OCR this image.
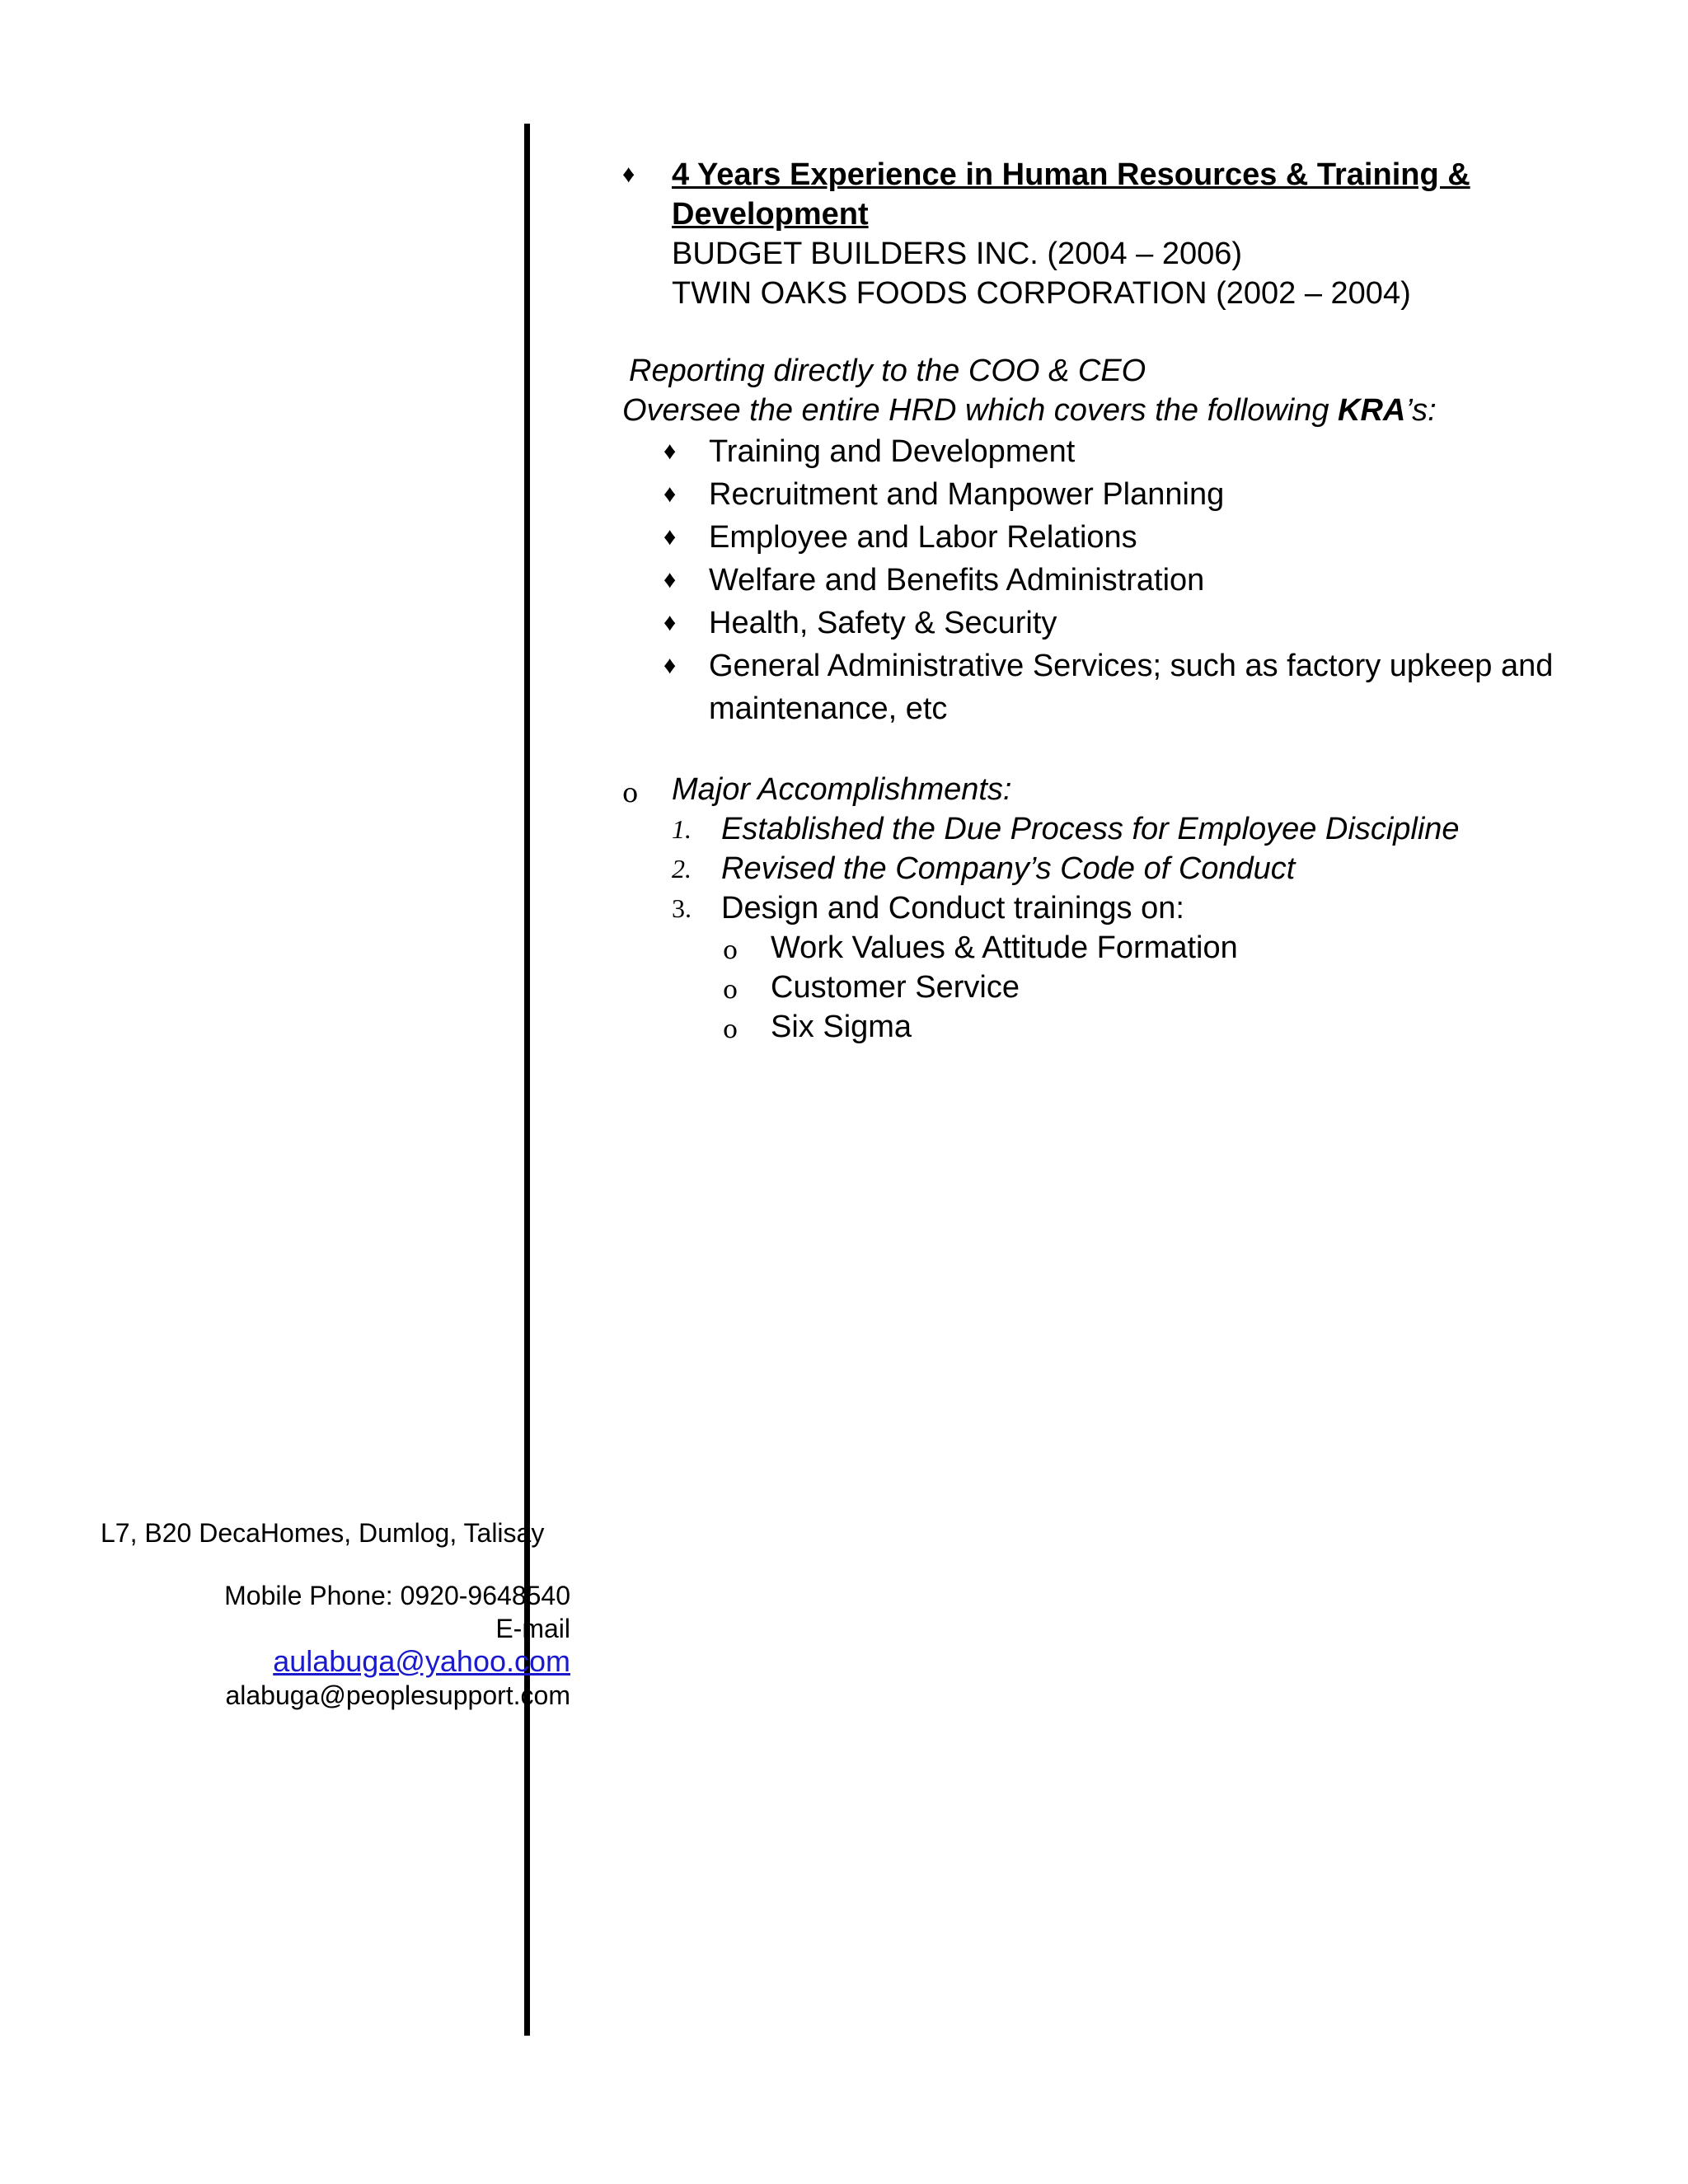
♦	4 Years Experience in Human Resources & Training & Development
BUDGET BUILDERS INC. (2004 – 2006)
TWIN OAKS FOODS CORPORATION (2002 – 2004)
Reporting directly to the COO & CEO
Oversee the entire HRD which covers the following KRA’s:
♦	Training and Development
♦	Recruitment and Manpower Planning
♦	Employee and Labor Relations
♦	Welfare and Benefits Administration
♦	Health, Safety & Security
♦	General Administrative Services; such as factory upkeep and maintenance, etc
o Major Accomplishments:
1. Established the Due Process for Employee Discipline
2. Revised the Company’s Code of Conduct
3. Design and Conduct trainings on:
o Work Values & Attitude Formation
o Customer Service
o Six Sigma
L7, B20 DecaHomes, Dumlog, Talisay
Mobile Phone: 0920-9648540
E-mail
aulabuga@yahoo.com
alabuga@peoplesupport.com
